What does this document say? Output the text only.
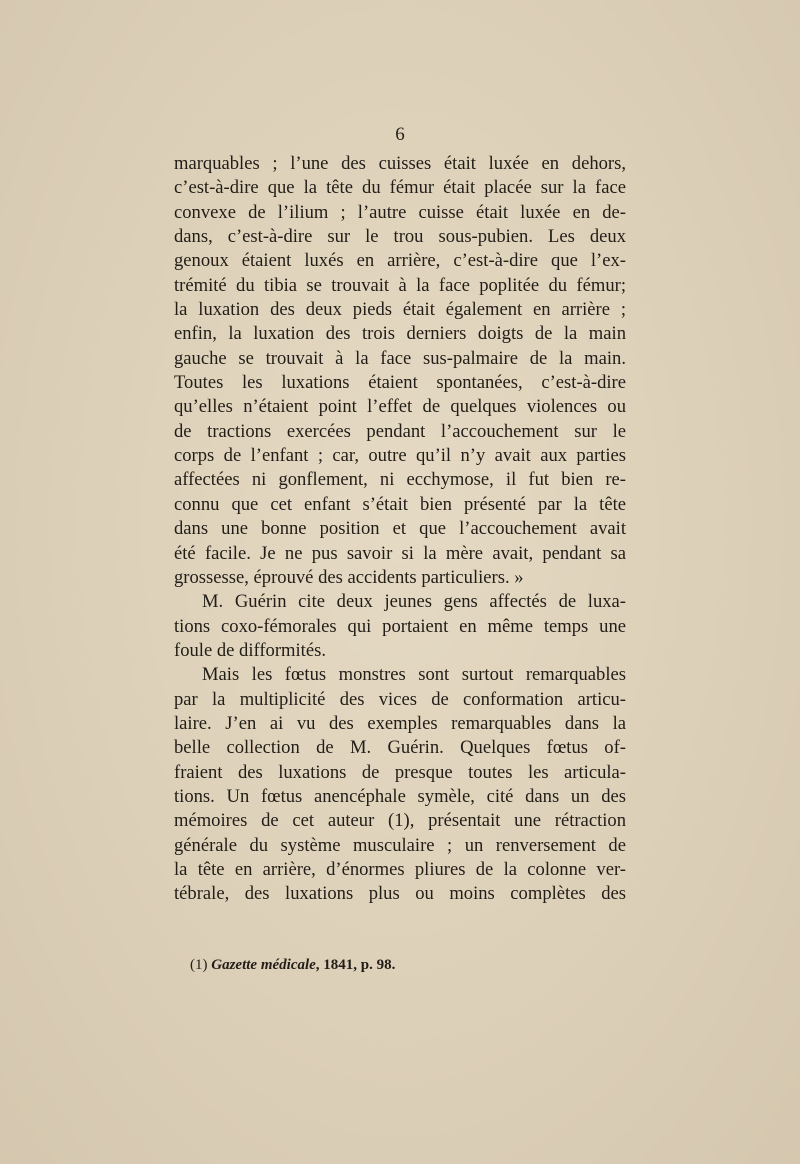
6
marquables ; l’une des cuisses était luxée en dehors,
c’est-à-dire que la tête du fémur était placée sur la face
convexe de l’ilium ; l’autre cuisse était luxée en de-
dans, c’est-à-dire sur le trou sous-pubien. Les deux
genoux étaient luxés en arrière, c’est-à-dire que l’ex-
trémité du tibia se trouvait à la face poplitée du fémur;
la luxation des deux pieds était également en arrière ;
enfin, la luxation des trois derniers doigts de la main
gauche se trouvait à la face sus-palmaire de la main.
Toutes les luxations étaient spontanées, c’est-à-dire
qu’elles n’étaient point l’effet de quelques violences ou
de tractions exercées pendant l’accouchement sur le
corps de l’enfant ; car, outre qu’il n’y avait aux parties
affectées ni gonflement, ni ecchymose, il fut bien re-
connu que cet enfant s’était bien présenté par la tête
dans une bonne position et que l’accouchement avait
été facile. Je ne pus savoir si la mère avait, pendant sa
grossesse, éprouvé des accidents particuliers. »
M. Guérin cite deux jeunes gens affectés de luxa-
tions coxo-fémorales qui portaient en même temps une
foule de difformités.
Mais les fœtus monstres sont surtout remarquables
par la multiplicité des vices de conformation articu-
laire. J’en ai vu des exemples remarquables dans la
belle collection de M. Guérin. Quelques fœtus of-
fraient des luxations de presque toutes les articula-
tions. Un fœtus anencéphale symèle, cité dans un des
mémoires de cet auteur (1), présentait une rétraction
générale du système musculaire ; un renversement de
la tête en arrière, d’énormes pliures de la colonne ver-
tébrale, des luxations plus ou moins complètes des
(1) Gazette médicale, 1841, p. 98.
